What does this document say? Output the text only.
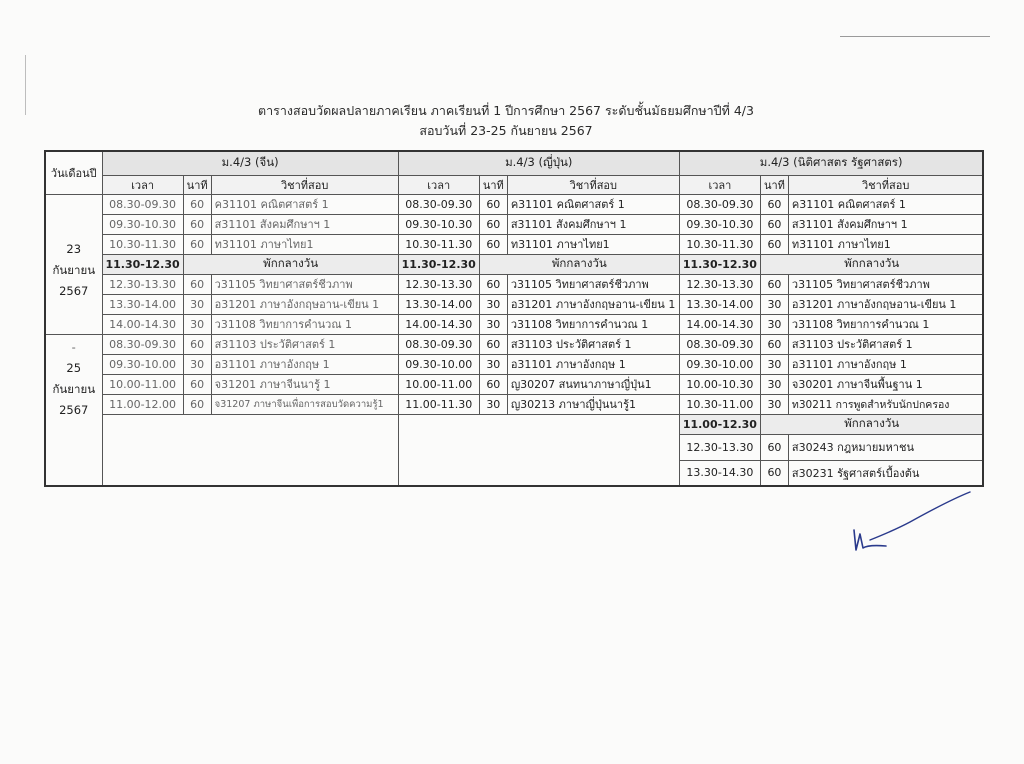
ตารางสอบวัดผลปลายภาคเรียน ภาคเรียนที่ 1 ปีการศึกษา 2567 ระดับชั้นมัธยมศึกษาปีที่ 4/3
สอบวันที่ 23-25 กันยายน 2567
วันเดือนปี	ม.4/3 (จีน)			ม.4/3 (ญี่ปุ่น)			ม.4/3 (นิติศาสตร รัฐศาสตร)		
	เวลา	นาที	วิชาที่สอบ	เวลา	นาที	วิชาที่สอบ	เวลา	นาที	วิชาที่สอบ

23
กันยายน
2567	08.30-09.30	60	ค31101 คณิตศาสตร์ 1	08.30-09.30	60	ค31101 คณิตศาสตร์ 1	08.30-09.30	60	ค31101 คณิตศาสตร์ 1
	09.30-10.30	60	ส31101 สังคมศึกษาฯ 1	09.30-10.30	60	ส31101 สังคมศึกษาฯ 1	09.30-10.30	60	ส31101 สังคมศึกษาฯ 1
	10.30-11.30	60	ท31101 ภาษาไทย1	10.30-11.30	60	ท31101 ภาษาไทย1	10.30-11.30	60	ท31101 ภาษาไทย1
	11.30-12.30	พักกลางวัน		11.30-12.30	พักกลางวัน		11.30-12.30	พักกลางวัน	
	12.30-13.30	60	ว31105 วิทยาศาสตร์ชีวภาพ	12.30-13.30	60	ว31105 วิทยาศาสตร์ชีวภาพ	12.30-13.30	60	ว31105 วิทยาศาสตร์ชีวภาพ
	13.30-14.00	30	อ31201 ภาษาอังกฤษอาน-เขียน 1	13.30-14.00	30	อ31201 ภาษาอังกฤษอาน-เขียน 1	13.30-14.00	30	อ31201 ภาษาอังกฤษอาน-เขียน 1
	14.00-14.30	30	ว31108 วิทยาการคำนวณ 1	14.00-14.30	30	ว31108 วิทยาการคำนวณ 1	14.00-14.30	30	ว31108 วิทยาการคำนวณ 1

-
25
กันยายน
2567	08.30-09.30	60	ส31103 ประวัติศาสตร์ 1	08.30-09.30	60	ส31103 ประวัติศาสตร์ 1	08.30-09.30	60	ส31103 ประวัติศาสตร์ 1
	09.30-10.00	30	อ31101 ภาษาอังกฤษ 1	09.30-10.00	30	อ31101 ภาษาอังกฤษ 1	09.30-10.00	30	อ31101 ภาษาอังกฤษ 1
	10.00-11.00	60	จ31201 ภาษาจีนนารู้ 1	10.00-11.00	60	ญ30207 สนทนาภาษาญี่ปุ่น1	10.00-10.30	30	จ30201 ภาษาจีนพื้นฐาน 1
	11.00-12.00	60	จ31207 ภาษาจีนเพื่อการสอบวัดความรู้1	11.00-11.30	30	ญ30213 ภาษาญี่ปุ่นนารู้1	10.30-11.00	30	ท30211 การพูดสำหรับนักปกครอง
							11.00-12.30	พักกลางวัน	
							12.30-13.30	60	ส30243 กฎหมายมหาชน
							13.30-14.30	60	ส30231 รัฐศาสตร์เบื้องต้น
